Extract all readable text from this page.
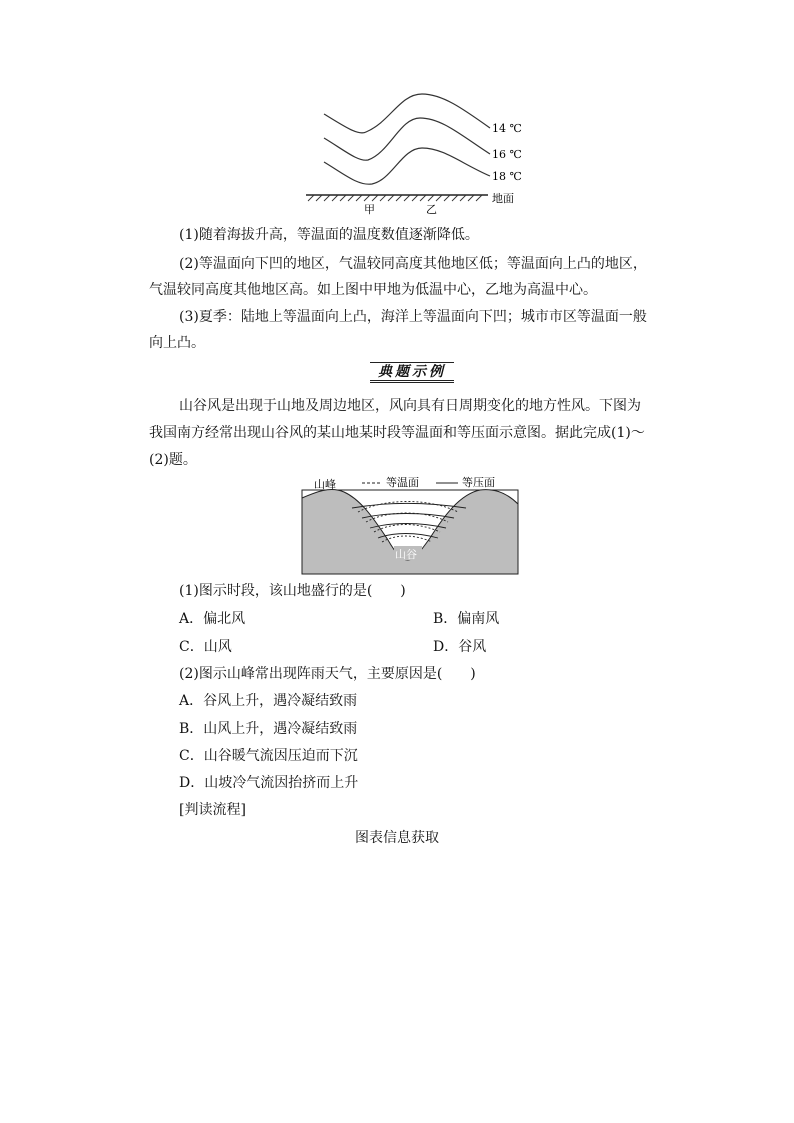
14 ℃
16 ℃
18 ℃
地面
甲	乙
(1)随着海拔升高，等温面的温度数值逐渐降低。
(2)等温面向下凹的地区，气温较同高度其他地区低；等温面向上凸的地区，
气温较同高度其他地区高。如上图中甲地为低温中心，乙地为高温中心。
(3)夏季：陆地上等温面向上凸，海洋上等温面向下凹；城市市区等温面一般
向上凸。
典题示例
山谷风是出现于山地及周边地区，风向具有日周期变化的地方性风。下图为
我国南方经常出现山谷风的某山地某时段等温面和等压面示意图。据此完成(1)～
(2)题。
山峰	等温面	等压面
山谷
(1)图示时段，该山地盛行的是(　　)
A．偏北风	B．偏南风
C．山风	D．谷风
(2)图示山峰常出现阵雨天气，主要原因是(　　)
A．谷风上升，遇冷凝结致雨
B．山风上升，遇冷凝结致雨
C．山谷暖气流因压迫而下沉
D．山坡冷气流因抬挤而上升
[判读流程]
图表信息获取
